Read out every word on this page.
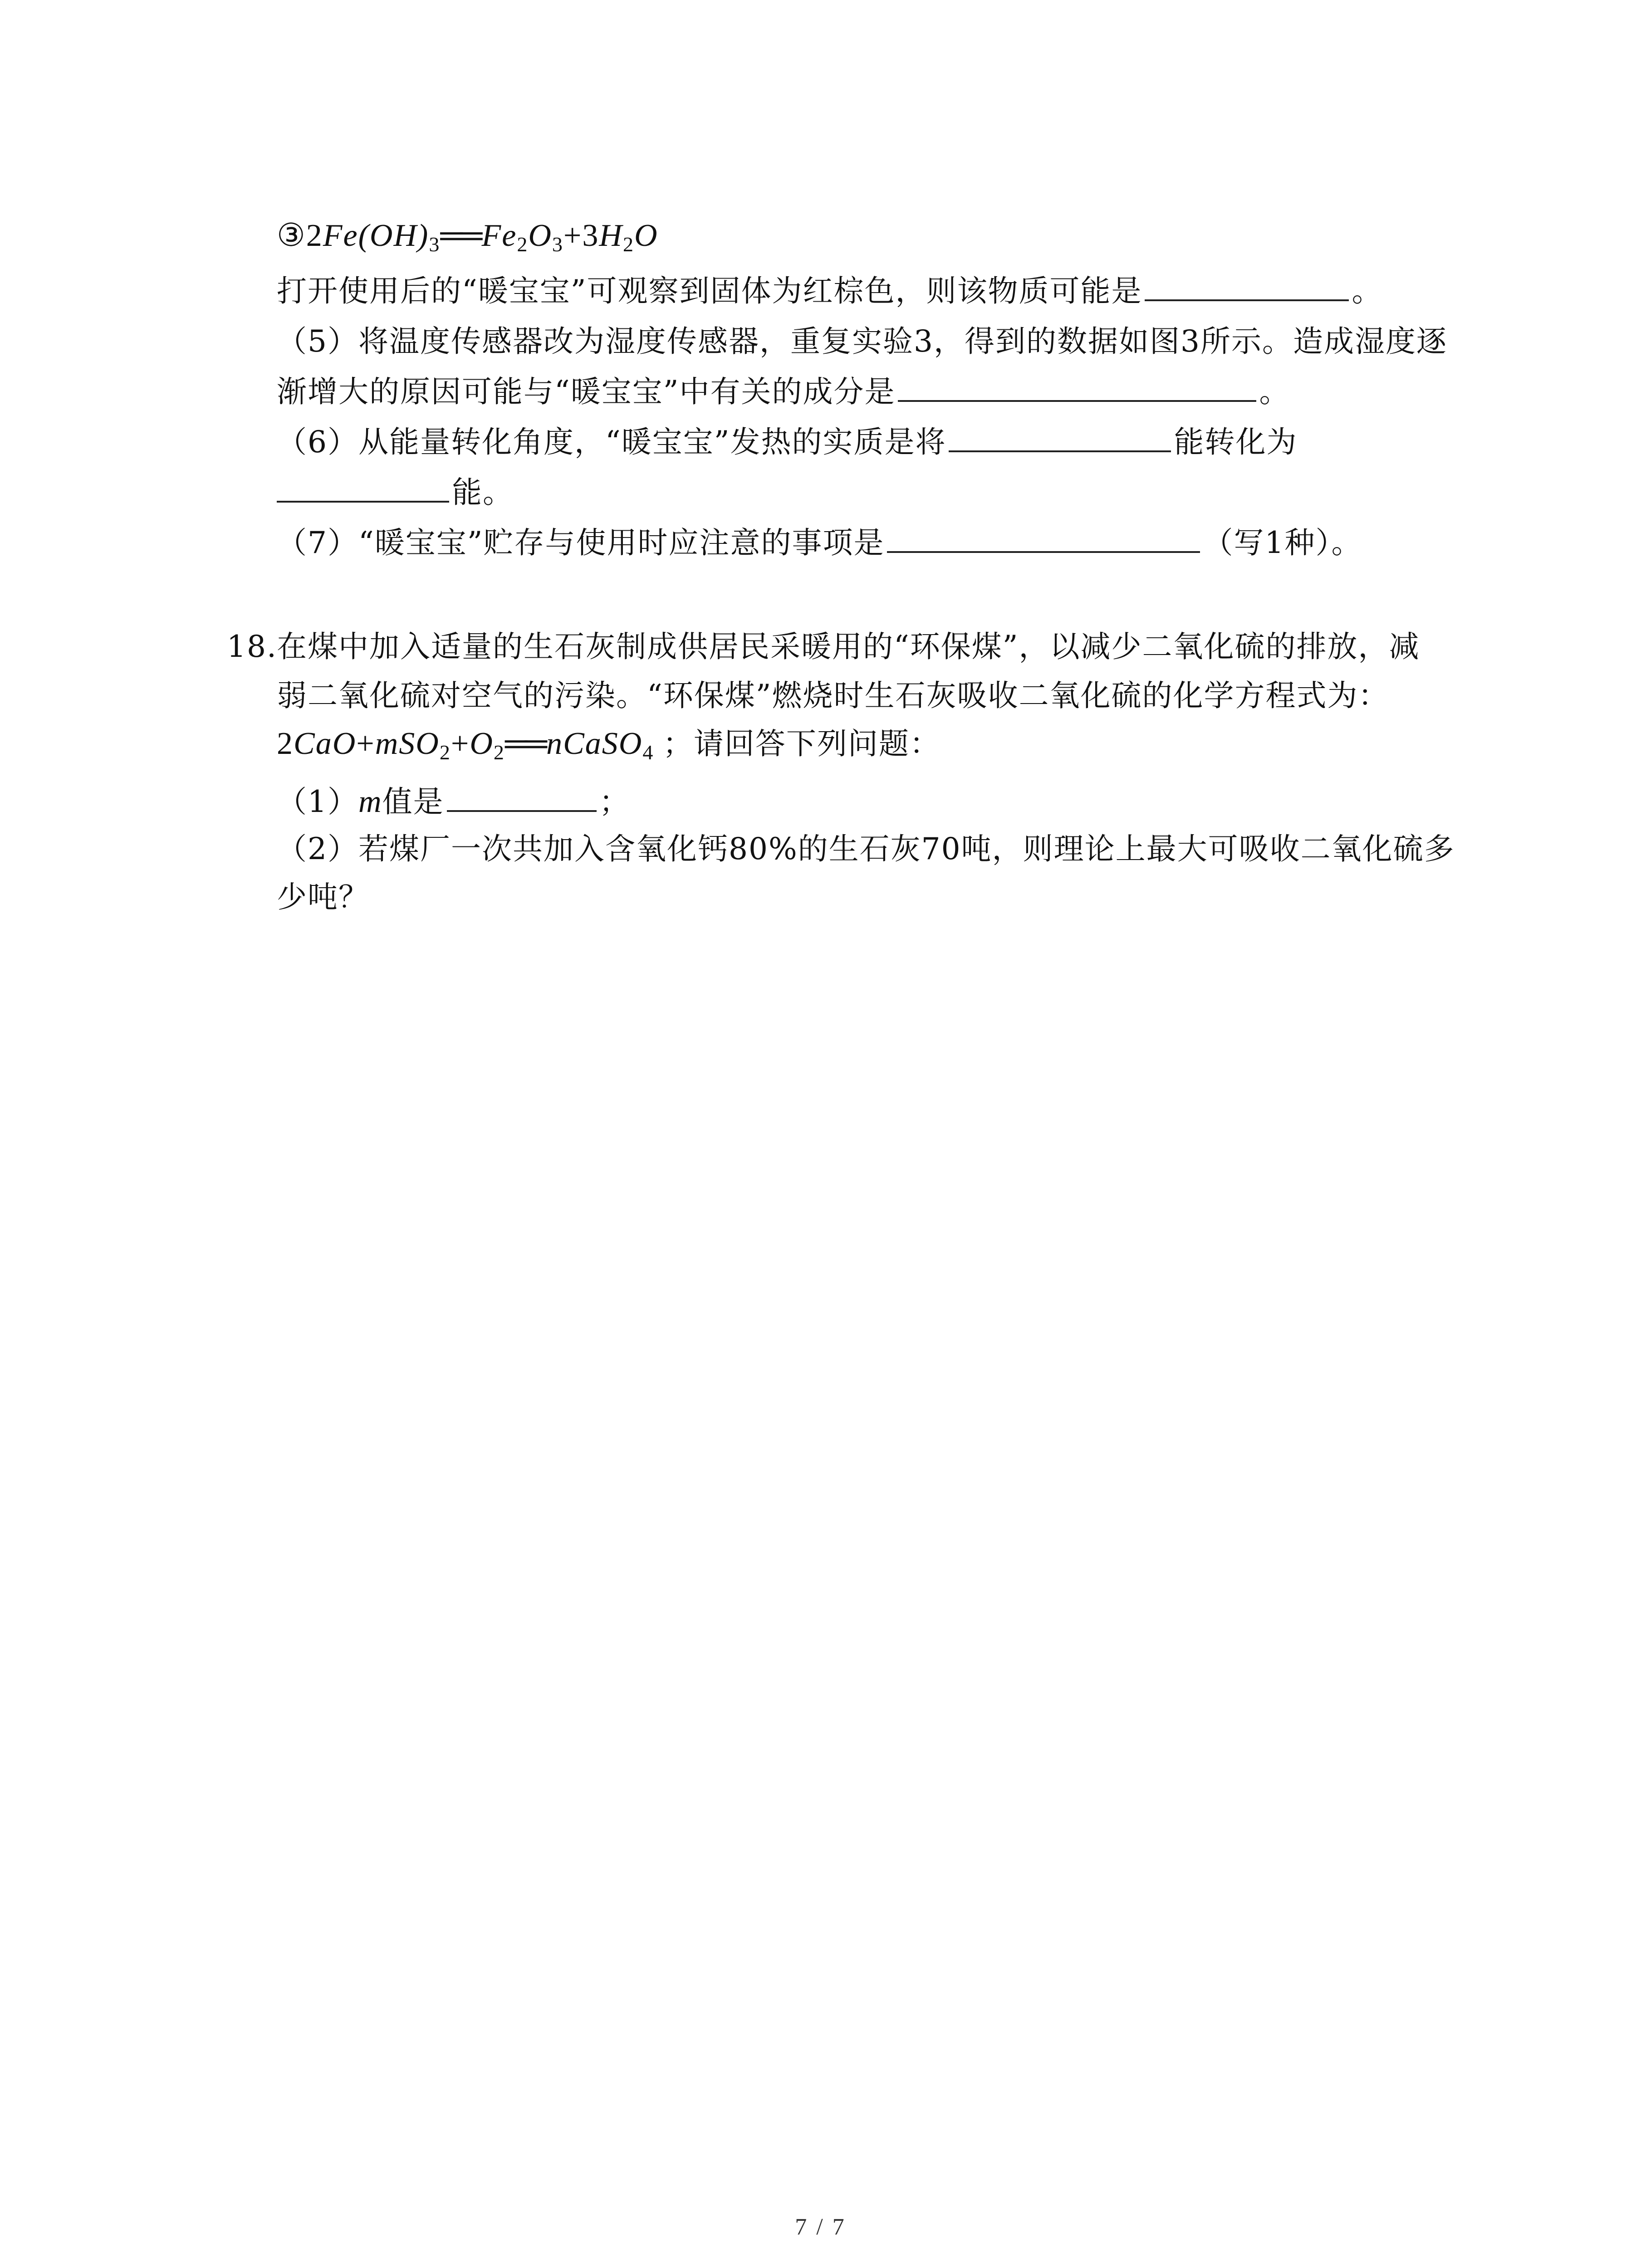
$③2Fe(OH)_3══Fe_2O_3+3H_2O$
打开使用后的“暖宝宝”可观察到固体为红棕色，则该物质可能是	。
（5）将温度传感器改为湿度传感器，重复实验3，得到的数据如图3所示。造成湿度逐
渐增大的原因可能与“暖宝宝”中有关的成分是	。
（6）从能量转化角度，“暖宝宝”发热的实质是将	能转化为
能。
（7）“暖宝宝”贮存与使用时应注意的事项是	（写1种）。
18.在煤中加入适量的生石灰制成供居民采暖用的“环保煤”，以减少二氧化硫的排放，减
弱二氧化硫对空气的污染。“环保煤”燃烧时生石灰吸收二氧化硫的化学方程式为：
$2CaO+mSO_2+O_2══nCaSO_4$ ；请回答下列问题：
（1）m值是	；
（2）若煤厂一次共加入含氧化钙80%的生石灰70吨，则理论上最大可吸收二氧化硫多
少吨？
7 / 7
